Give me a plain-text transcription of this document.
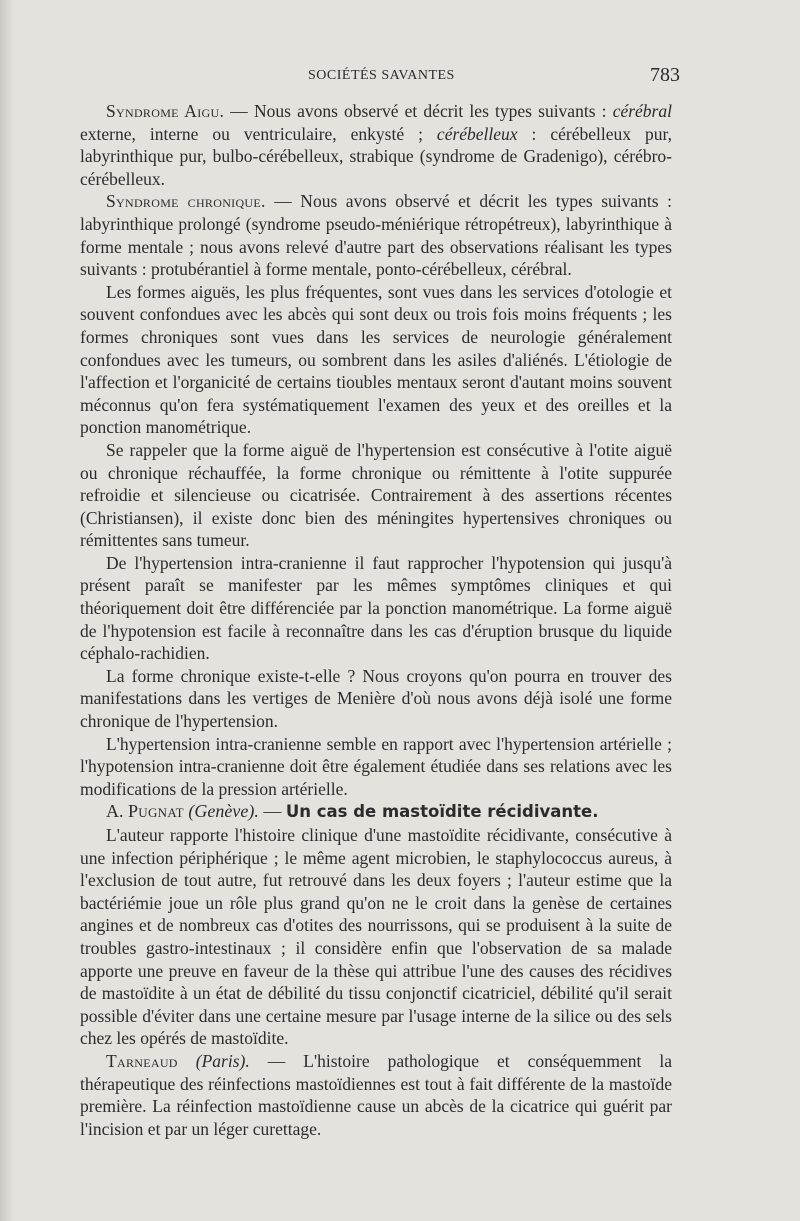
SOCIÉTÉS SAVANTES	783

Syndrome Aigu. — Nous avons observé et décrit les types suivants : cérébral externe, interne ou ventriculaire, enkysté ; cérébelleux : cérébelleux pur, labyrinthique pur, bulbo-cérébelleux, strabique (syndrome de Gradenigo), cérébro-cérébelleux.

Syndrome chronique. — Nous avons observé et décrit les types suivants : labyrinthique prolongé (syndrome pseudo-méniérique rétropétreux), labyrinthique à forme mentale ; nous avons relevé d'autre part des observations réalisant les types suivants : protubérantiel à forme mentale, ponto-cérébelleux, cérébral.

Les formes aiguës, les plus fréquentes, sont vues dans les services d'otologie et souvent confondues avec les abcès qui sont deux ou trois fois moins fréquents ; les formes chroniques sont vues dans les services de neurologie généralement confondues avec les tumeurs, ou sombrent dans les asiles d'aliénés. L'étiologie de l'affection et l'organicité de certains tioubles mentaux seront d'autant moins souvent méconnus qu'on fera systématiquement l'examen des yeux et des oreilles et la ponction manométrique.

Se rappeler que la forme aiguë de l'hypertension est consécutive à l'otite aiguë ou chronique réchauffée, la forme chronique ou rémittente à l'otite suppurée refroidie et silencieuse ou cicatrisée. Contrairement à des assertions récentes (Christiansen), il existe donc bien des méningites hypertensives chroniques ou rémittentes sans tumeur.

De l'hypertension intra-cranienne il faut rapprocher l'hypotension qui jusqu'à présent paraît se manifester par les mêmes symptômes cliniques et qui théoriquement doit être différenciée par la ponction manométrique. La forme aiguë de l'hypotension est facile à reconnaître dans les cas d'éruption brusque du liquide céphalo-rachidien.

La forme chronique existe-t-elle ? Nous croyons qu'on pourra en trouver des manifestations dans les vertiges de Menière d'où nous avons déjà isolé une forme chronique de l'hypertension.

L'hypertension intra-cranienne semble en rapport avec l'hypertension artérielle ; l'hypotension intra-cranienne doit être également étudiée dans ses relations avec les modifications de la pression artérielle.

A. Pugnat (Genève). — Un cas de mastoïdite récidivante.

L'auteur rapporte l'histoire clinique d'une mastoïdite récidivante, consécutive à une infection périphérique ; le même agent microbien, le staphylococcus aureus, à l'exclusion de tout autre, fut retrouvé dans les deux foyers ; l'auteur estime que la bactériémie joue un rôle plus grand qu'on ne le croit dans la genèse de certaines angines et de nombreux cas d'otites des nourrissons, qui se produisent à la suite de troubles gastro-intestinaux ; il considère enfin que l'observation de sa malade apporte une preuve en faveur de la thèse qui attribue l'une des causes des récidives de mastoïdite à un état de débilité du tissu conjonctif cicatriciel, débilité qu'il serait possible d'éviter dans une certaine mesure par l'usage interne de la silice ou des sels chez les opérés de mastoïdite.

Tarneaud (Paris). — L'histoire pathologique et conséquemment la thérapeutique des réinfections mastoïdiennes est tout à fait différente de la mastoïde première. La réinfection mastoïdienne cause un abcès de la cicatrice qui guérit par l'incision et par un léger curettage.
